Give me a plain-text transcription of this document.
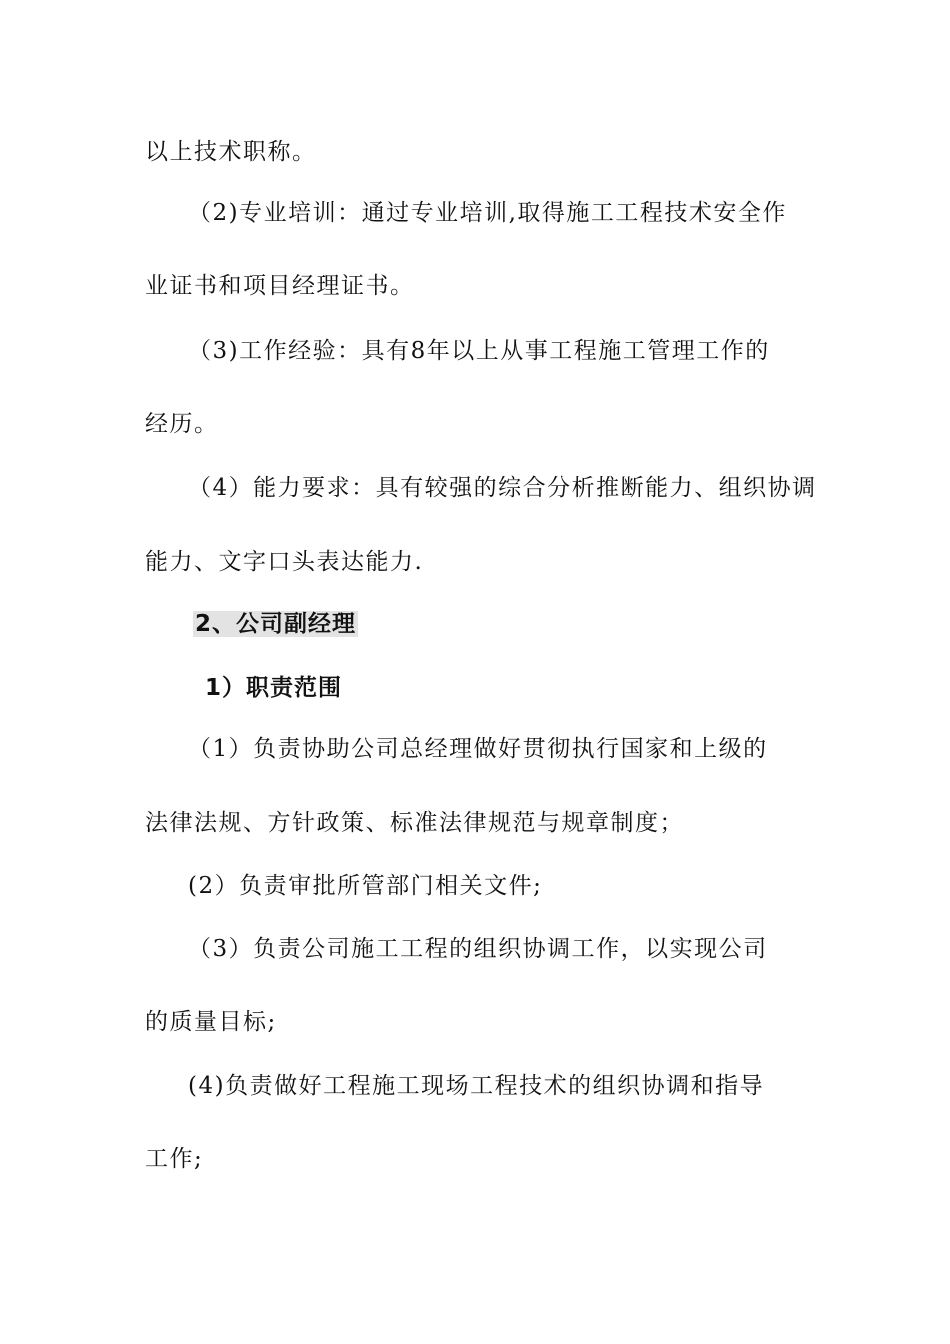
以上技术职称。
（2)专业培训：通过专业培训,取得施工工程技术安全作
业证书和项目经理证书。
（3)工作经验：具有8年以上从事工程施工管理工作的
经历。
（4）能力要求：具有较强的综合分析推断能力、组织协调
能力、文字口头表达能力.
2、公司副经理
1）职责范围
（1）负责协助公司总经理做好贯彻执行国家和上级的
法律法规、方针政策、标准法律规范与规章制度；
(2）负责审批所管部门相关文件;
（3）负责公司施工工程的组织协调工作，以实现公司
的质量目标;
(4)负责做好工程施工现场工程技术的组织协调和指导
工作;
